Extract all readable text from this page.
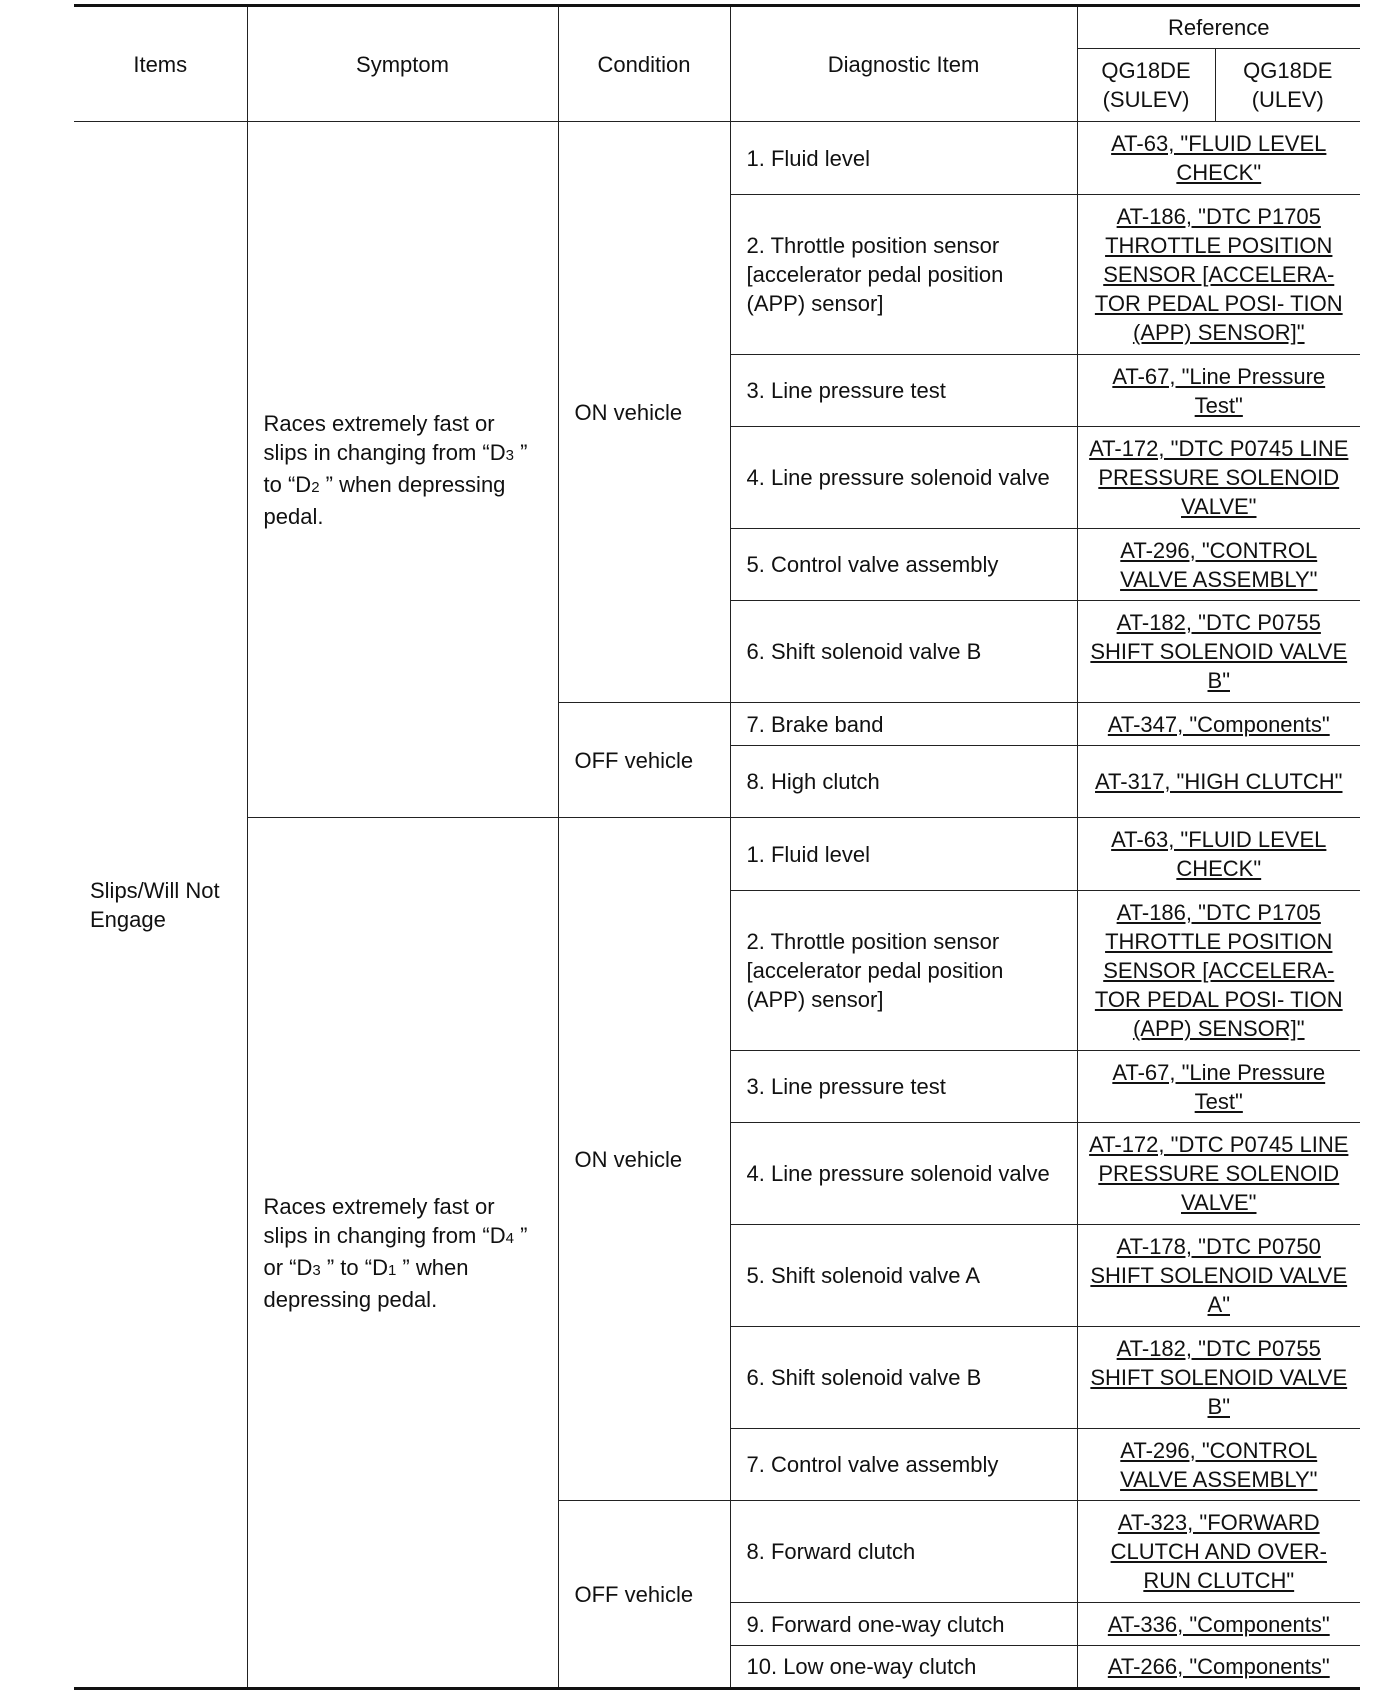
Items	Symptom	Condition	Diagnostic Item	Reference	
				QG18DE (SULEV)	QG18DE (ULEV)
Slips/Will Not Engage	Races extremely fast or slips in changing from “D3 ” to “D2 ” when depressing pedal.	ON vehicle	1. Fluid level	AT-63, "FLUID LEVEL CHECK"	
			2. Throttle position sensor [accelerator pedal position (APP) sensor]	AT-186, "DTC P1705 THROTTLE POSITION SENSOR [ACCELERA- TOR PEDAL POSI- TION (APP) SENSOR]"	
			3. Line pressure test	AT-67, "Line Pressure Test"	
			4. Line pressure solenoid valve	AT-172, "DTC P0745 LINE PRESSURE SOLENOID VALVE"	
			5. Control valve assembly	AT-296, "CONTROL VALVE ASSEMBLY"	
			6. Shift solenoid valve B	AT-182, "DTC P0755 SHIFT SOLENOID VALVE B"	
		OFF vehicle	7. Brake band	AT-347, "Components"	
			8. High clutch	AT-317, "HIGH CLUTCH"	
	Races extremely fast or slips in changing from “D4 ” or “D3 ” to “D1 ” when depressing pedal.	ON vehicle	1. Fluid level	AT-63, "FLUID LEVEL CHECK"	
			2. Throttle position sensor [accelerator pedal position (APP) sensor]	AT-186, "DTC P1705 THROTTLE POSITION SENSOR [ACCELERA- TOR PEDAL POSI- TION (APP) SENSOR]"	
			3. Line pressure test	AT-67, "Line Pressure Test"	
			4. Line pressure solenoid valve	AT-172, "DTC P0745 LINE PRESSURE SOLENOID VALVE"	
			5. Shift solenoid valve A	AT-178, "DTC P0750 SHIFT SOLENOID VALVE A"	
			6. Shift solenoid valve B	AT-182, "DTC P0755 SHIFT SOLENOID VALVE B"	
			7. Control valve assembly	AT-296, "CONTROL VALVE ASSEMBLY"	
		OFF vehicle	8. Forward clutch	AT-323, "FORWARD CLUTCH AND OVER- RUN CLUTCH"	
			9. Forward one-way clutch	AT-336, "Components"	
			10. Low one-way clutch	AT-266, "Components"	
